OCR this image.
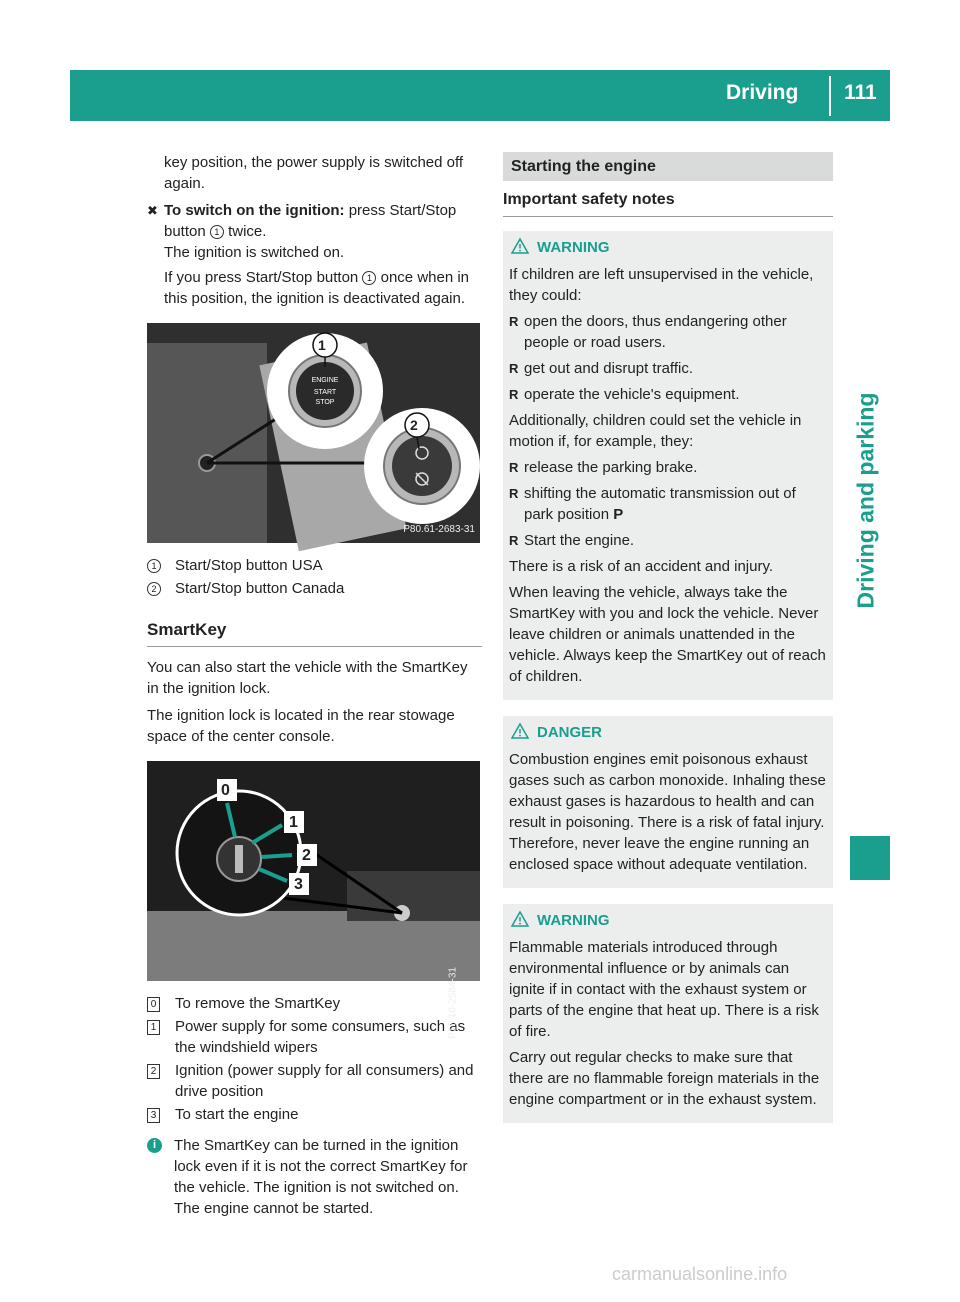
Driving 111
Driving and parking

key position, the power supply is switched off again.

✖ To switch on the ignition: press Start/Stop button 1 twice.

The ignition is switched on.

If you press Start/Stop button 1 once when in this position, the ignition is deactivated again.

1
2
ENGINE
START
STOP
P80.61-2683-31
1	Start/Stop button USA
2	Start/Stop button Canada
SmartKey

You can also start the vehicle with the SmartKey in the ignition lock.

The ignition lock is located in the rear stowage space of the center console.

0
1
2
3
P15.10-2584-31
0	To remove the SmartKey
1	Power supply for some consumers, such as the windshield wipers
2	Ignition (power supply for all consumers) and drive position
3	To start the engine
i	The SmartKey can be turned in the ignition lock even if it is not the correct SmartKey for the vehicle. The ignition is not switched on. The engine cannot be started.

Starting the engine
Important safety notes
WARNING

If children are left unsupervised in the vehicle, they could:

R open the doors, thus endangering other people or road users.
R get out and disrupt traffic.
R operate the vehicle's equipment.

Additionally, children could set the vehicle in motion if, for example, they:

R release the parking brake.
R shifting the automatic transmission out of park position P
R Start the engine.

There is a risk of an accident and injury.

When leaving the vehicle, always take the SmartKey with you and lock the vehicle. Never leave children or animals unattended in the vehicle. Always keep the SmartKey out of reach of children.

DANGER

Combustion engines emit poisonous exhaust gases such as carbon monoxide. Inhaling these exhaust gases is hazardous to health and can result in poisoning. There is a risk of fatal injury. Therefore, never leave the engine running an enclosed space without adequate ventilation.

WARNING

Flammable materials introduced through environmental influence or by animals can ignite if in contact with the exhaust system or parts of the engine that heat up. There is a risk of fire.

Carry out regular checks to make sure that there are no flammable foreign materials in the engine compartment or in the exhaust system.

carmanualsonline.info
